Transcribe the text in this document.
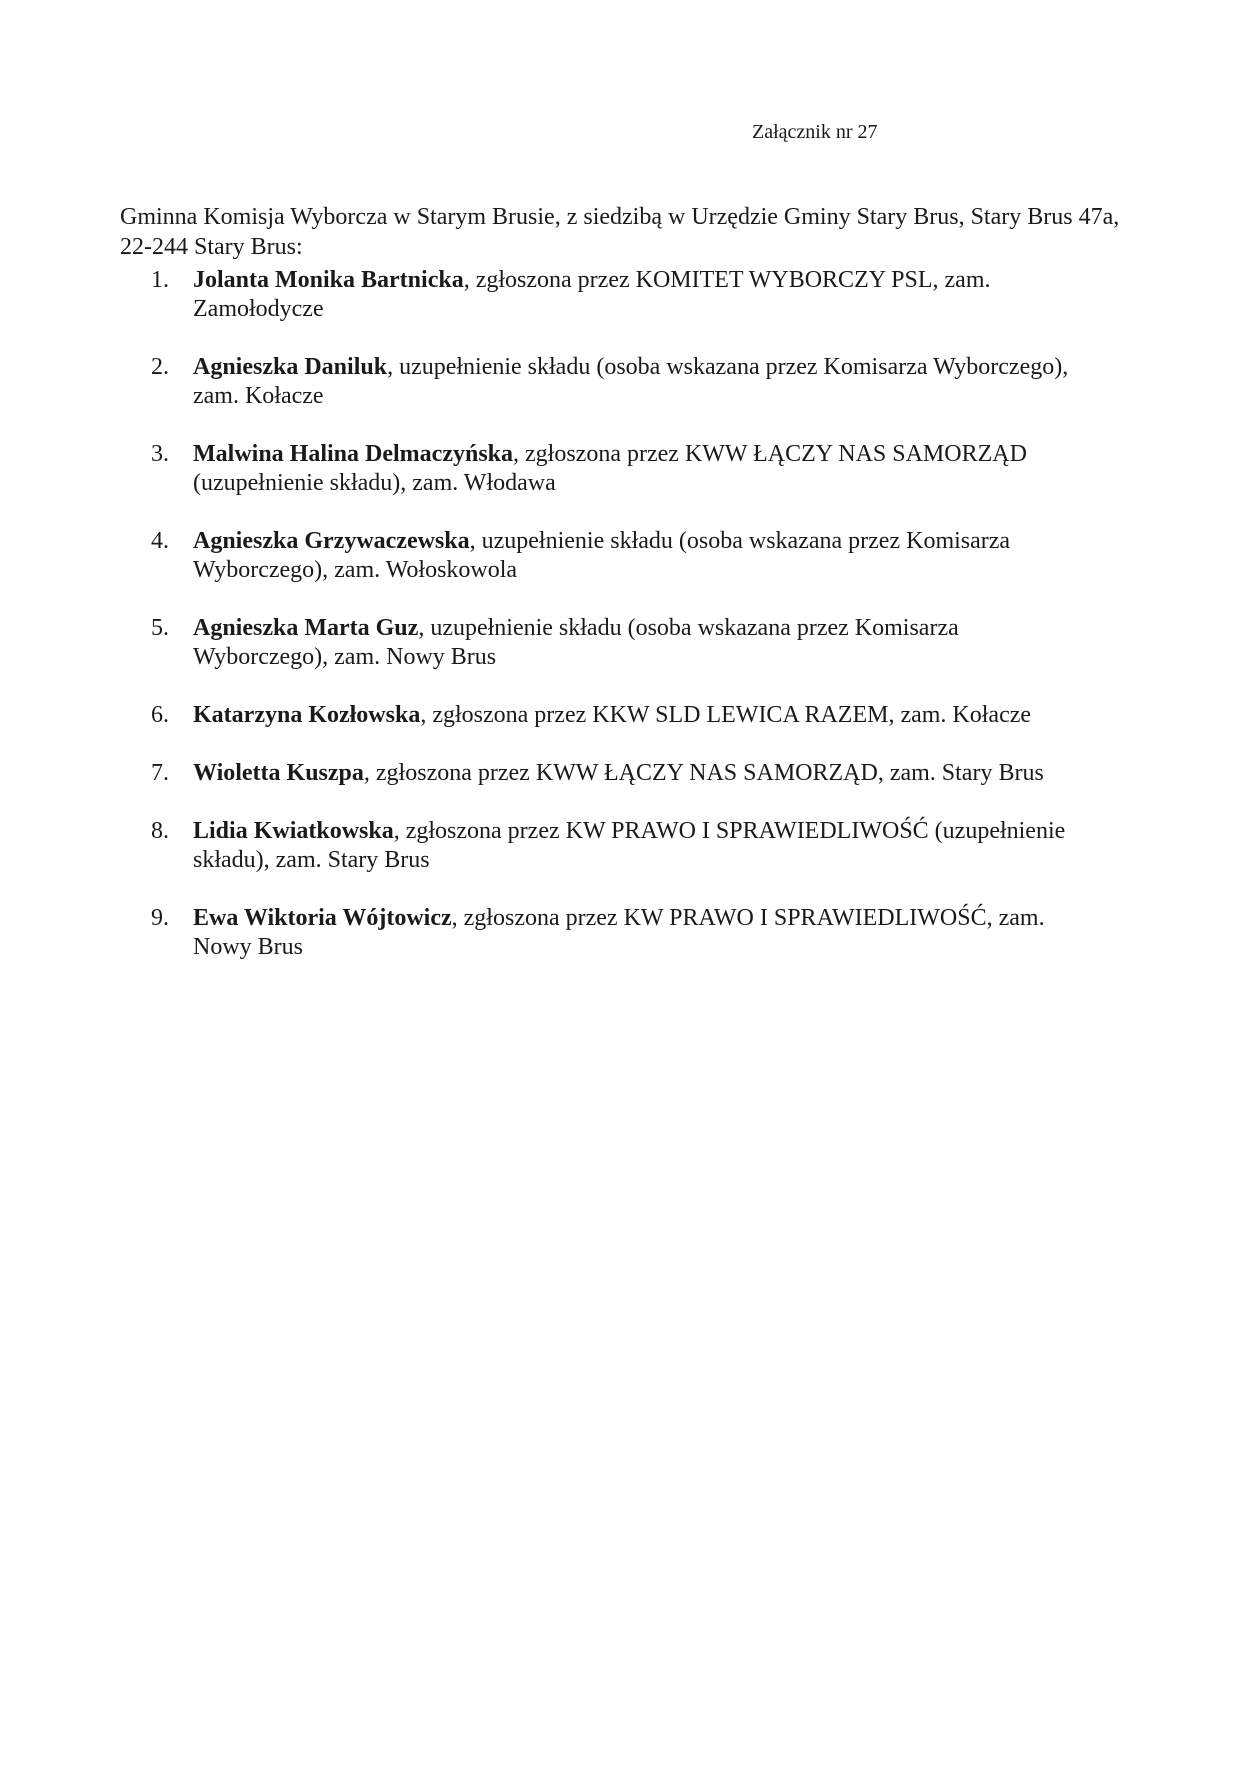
Załącznik nr 27

Gminna Komisja Wyborcza w Starym Brusie, z siedzibą w Urzędzie Gminy Stary Brus, Stary Brus 47a, 22-244 Stary Brus:

1. Jolanta Monika Bartnicka, zgłoszona przez KOMITET WYBORCZY PSL, zam. Zamołodycze
2. Agnieszka Daniluk, uzupełnienie składu (osoba wskazana przez Komisarza Wyborczego), zam. Kołacze
3. Malwina Halina Delmaczyńska, zgłoszona przez KWW ŁĄCZY NAS SAMORZĄD (uzupełnienie składu), zam. Włodawa
4. Agnieszka Grzywaczewska, uzupełnienie składu (osoba wskazana przez Komisarza Wyborczego), zam. Wołoskowola
5. Agnieszka Marta Guz, uzupełnienie składu (osoba wskazana przez Komisarza Wyborczego), zam. Nowy Brus
6. Katarzyna Kozłowska, zgłoszona przez KKW SLD LEWICA RAZEM, zam. Kołacze
7. Wioletta Kuszpa, zgłoszona przez KWW ŁĄCZY NAS SAMORZĄD, zam. Stary Brus
8. Lidia Kwiatkowska, zgłoszona przez KW PRAWO I SPRAWIEDLIWOŚĆ (uzupełnienie składu), zam. Stary Brus
9. Ewa Wiktoria Wójtowicz, zgłoszona przez KW PRAWO I SPRAWIEDLIWOŚĆ, zam. Nowy Brus
